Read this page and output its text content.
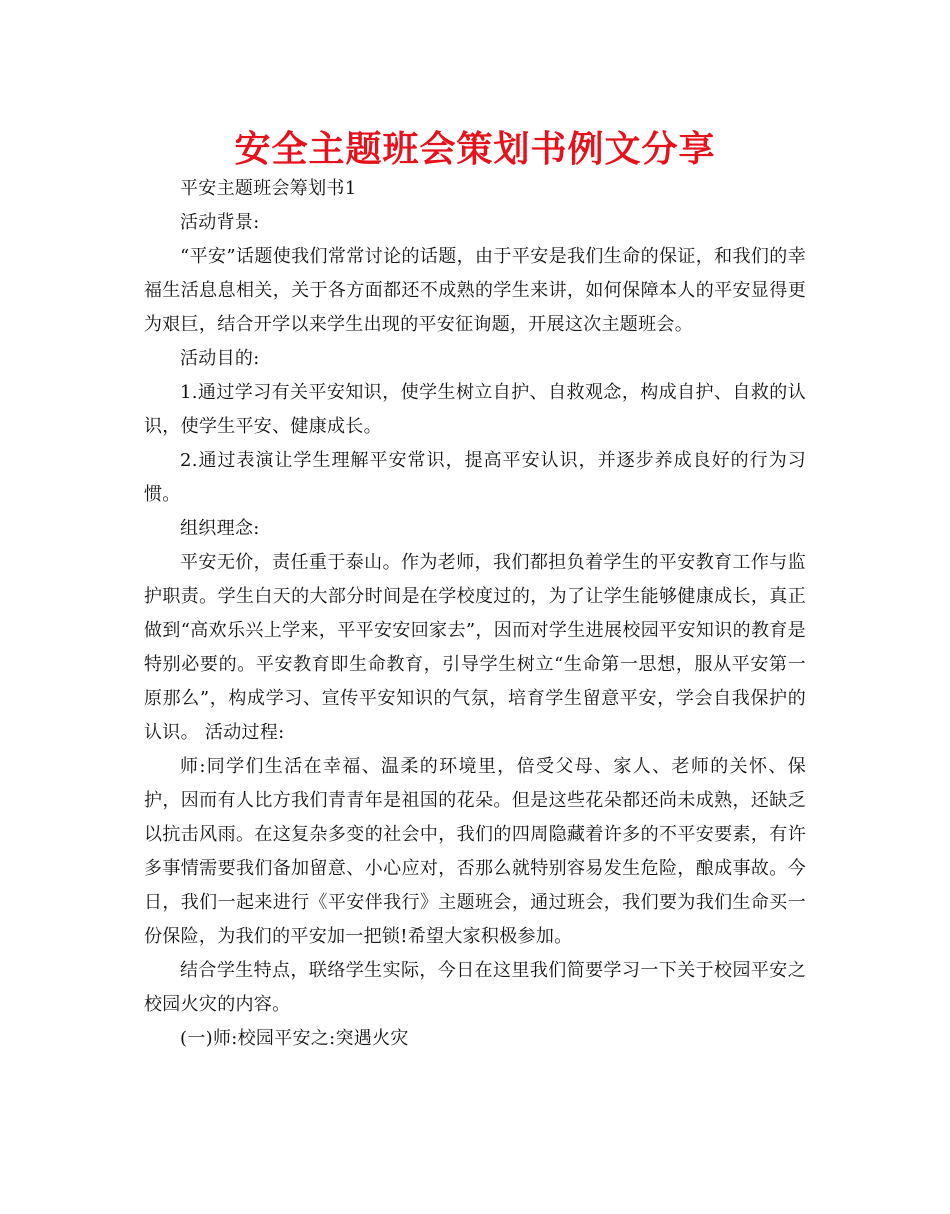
安全主题班会策划书例文分享

平安主题班会筹划书1

活动背景:

“平安”话题使我们常常讨论的话题，由于平安是我们生命的保证，和我们的幸福生活息息相关，关于各方面都还不成熟的学生来讲，如何保障本人的平安显得更为艰巨，结合开学以来学生出现的平安征询题，开展这次主题班会。

活动目的:

1.通过学习有关平安知识，使学生树立自护、自救观念，构成自护、自救的认识，使学生平安、健康成长。

2.通过表演让学生理解平安常识，提高平安认识，并逐步养成良好的行为习惯。

组织理念:

平安无价，责任重于泰山。作为老师，我们都担负着学生的平安教育工作与监护职责。学生白天的大部分时间是在学校度过的，为了让学生能够健康成长，真正做到“高欢乐兴上学来，平平安安回家去”，因而对学生进展校园平安知识的教育是特别必要的。平安教育即生命教育，引导学生树立“生命第一思想，服从平安第一原那么”，构成学习、宣传平安知识的气氛，培育学生留意平安，学会自我保护的认识。 活动过程:

师:同学们生活在幸福、温柔的环境里，倍受父母、家人、老师的关怀、保护，因而有人比方我们青青年是祖国的花朵。但是这些花朵都还尚未成熟，还缺乏以抗击风雨。在这复杂多变的社会中，我们的四周隐藏着许多的不平安要素，有许多事情需要我们备加留意、小心应对，否那么就特别容易发生危险，酿成事故。今日，我们一起来进行《平安伴我行》主题班会，通过班会，我们要为我们生命买一份保险，为我们的平安加一把锁!希望大家积极参加。

结合学生特点，联络学生实际，今日在这里我们简要学习一下关于校园平安之校园火灾的内容。

(一)师:校园平安之:突遇火灾
